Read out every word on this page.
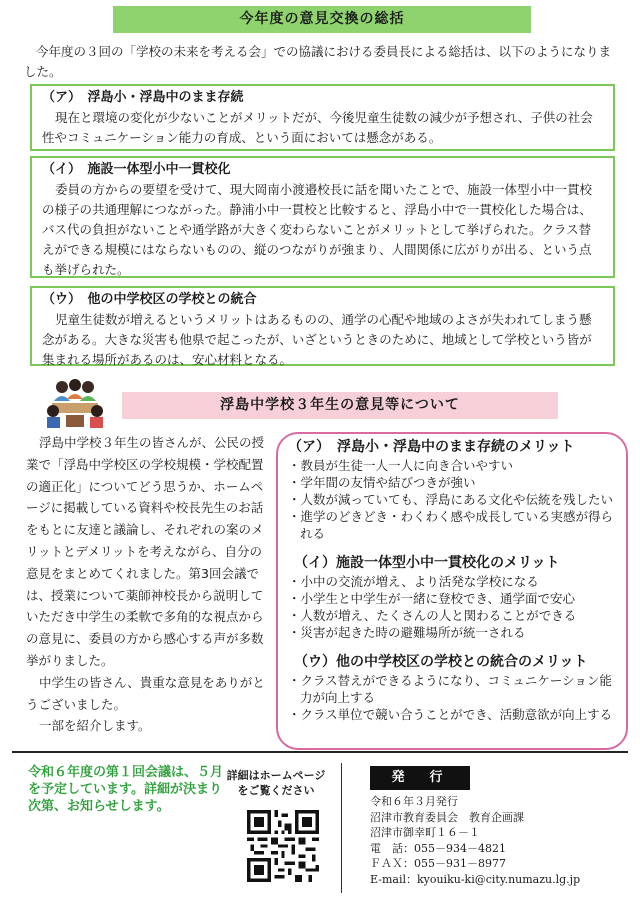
今年度の意見交換の総括
今年度の３回の「学校の未来を考える会」での協議における委員長による総括は、以下のようになりました。
（ア）　浮島小・浮島中のまま存続

現在と環境の変化が少ないことがメリットだが、今後児童生徒数の減少が予想され、子供の社会性やコミュニケーション能力の育成、という面においては懸念がある。

（イ）　施設一体型小中一貫校化

委員の方からの要望を受けて、現大岡南小渡邉校長に話を聞いたことで、施設一体型小中一貫校の様子の共通理解につながった。静浦小中一貫校と比較すると、浮島小中で一貫校化した場合は、バス代の負担がないことや通学路が大きく変わらないことがメリットとして挙げられた。クラス替えができる規模にはならないものの、縦のつながりが強まり、人間関係に広がりが出る、という点も挙げられた。

（ウ）　他の中学校区の学校との統合

児童生徒数が増えるというメリットはあるものの、通学の心配や地域のよさが失われてしまう懸念がある。大きな災害も他県で起こったが、いざというときのために、地域として学校という皆が集まれる場所があるのは、安心材料となる。

浮島中学校３年生の意見等について

浮島中学校３年生の皆さんが、公民の授業で「浮島中学校区の学校規模・学校配置の適正化」についてどう思うか、ホームページに掲載している資料や校長先生のお話をもとに友達と議論し、それぞれの案のメリットとデメリットを考えながら、自分の意見をまとめてくれました。第3回会議では、授業について薬師神校長から説明していただき中学生の柔軟で多角的な視点からの意見に、委員の方から感心する声が多数挙がりました。

中学生の皆さん、貴重な意見をありがとうございました。

一部を紹介します。

（ア）　浮島小・浮島中のまま存続のメリット
・ 教員が生徒一人一人に向き合いやすい
・ 学年間の友情や結びつきが強い
・ 人数が減っていても、浮島にある文化や伝統を残したい
・ 進学のどきどき・わくわく感や成長している実感が得られる
（イ）施設一体型小中一貫校化のメリット
・ 小中の交流が増え、より活発な学校になる
・ 小学生と中学生が一緒に登校でき、通学面で安心
・ 人数が増え、たくさんの人と関わることができる
・ 災害が起きた時の避難場所が統一される
（ウ）他の中学校区の学校との統合のメリット
・ クラス替えができるようになり、コミュニケーション能力が向上する
・ クラス単位で競い合うことができ、活動意欲が向上する
令和６年度の第１回会議は、５月を予定しています。詳細が決まり次第、お知らせします。
詳細はホームページをご覧ください
発　行
令和６年３月発行
沼津市教育委員会　教育企画課
沼津市御幸町１６－１
電　話：055－934－4821
ＦＡＸ：055－931－8977
E-mail：kyouiku-ki@city.numazu.lg.jp
